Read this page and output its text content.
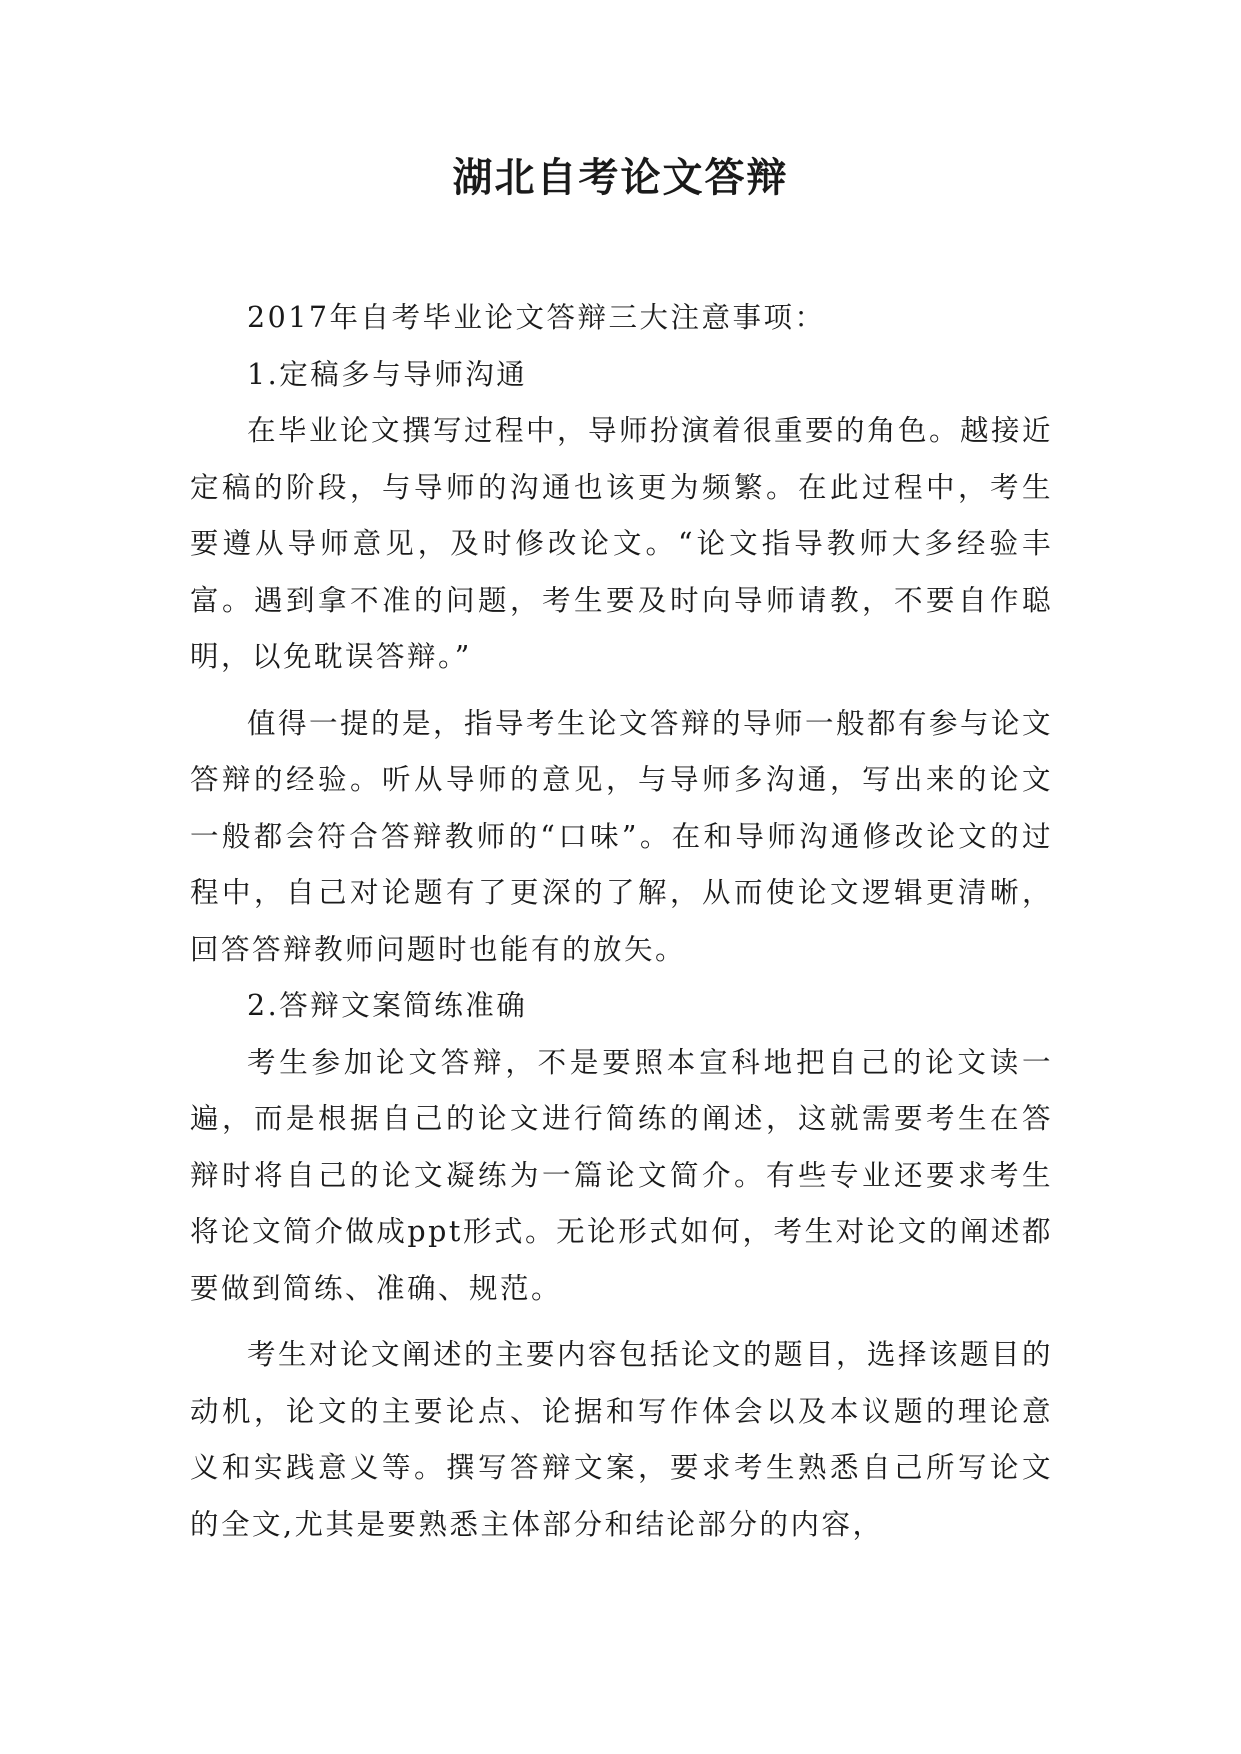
湖北自考论文答辩

2017年自考毕业论文答辩三大注意事项：

1.定稿多与导师沟通

在毕业论文撰写过程中，导师扮演着很重要的角色。越接近定稿的阶段，与导师的沟通也该更为频繁。在此过程中，考生要遵从导师意见，及时修改论文。“论文指导教师大多经验丰富。遇到拿不准的问题，考生要及时向导师请教，不要自作聪明，以免耽误答辩。”

值得一提的是，指导考生论文答辩的导师一般都有参与论文答辩的经验。听从导师的意见，与导师多沟通，写出来的论文一般都会符合答辩教师的“口味”。在和导师沟通修改论文的过程中，自己对论题有了更深的了解，从而使论文逻辑更清晰，回答答辩教师问题时也能有的放矢。

2.答辩文案简练准确

考生参加论文答辩，不是要照本宣科地把自己的论文读一遍，而是根据自己的论文进行简练的阐述，这就需要考生在答辩时将自己的论文凝练为一篇论文简介。有些专业还要求考生将论文简介做成ppt形式。无论形式如何，考生对论文的阐述都要做到简练、准确、规范。

考生对论文阐述的主要内容包括论文的题目，选择该题目的动机，论文的主要论点、论据和写作体会以及本议题的理论意义和实践意义等。撰写答辩文案，要求考生熟悉自己所写论文的全文,尤其是要熟悉主体部分和结论部分的内容，
